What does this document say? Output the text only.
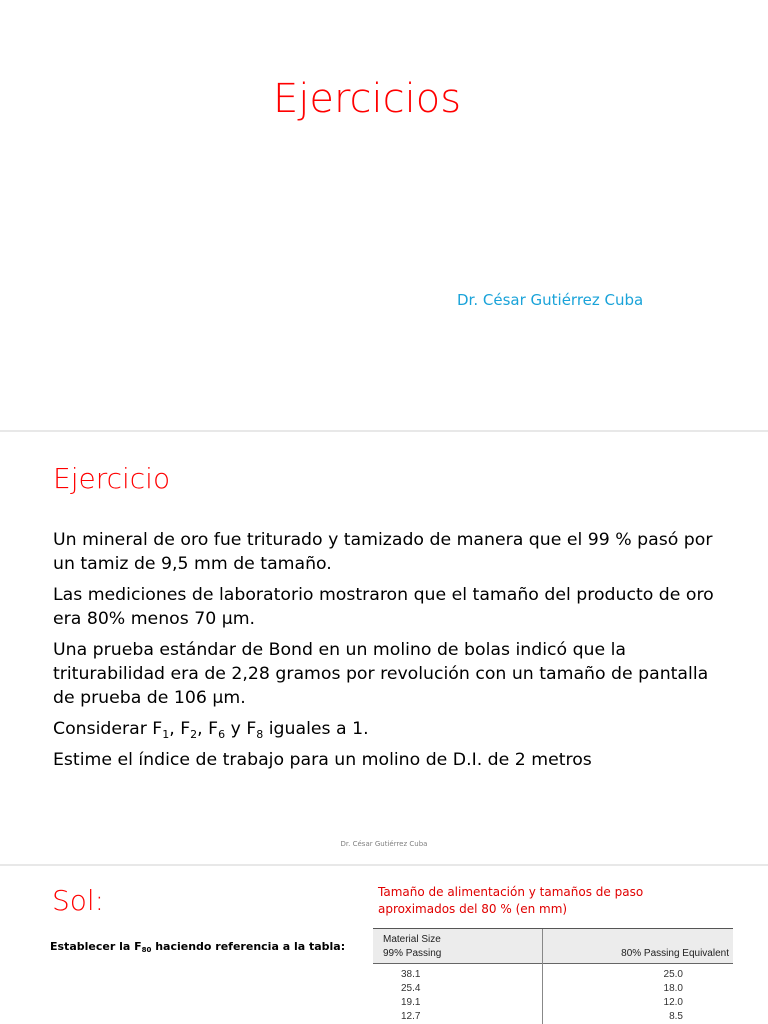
Ejercicios
Dr. César Gutiérrez Cuba
Ejercicio

Un mineral de oro fue triturado y tamizado de manera que el 99 % pasó por un tamiz de 9,5 mm de tamaño.

Las mediciones de laboratorio mostraron que el tamaño del producto de oro era 80% menos 70 µm.

Una prueba estándar de Bond en un molino de bolas indicó que la triturabilidad era de 2,28 gramos por revolución con un tamaño de pantalla de prueba de 106 µm.

Considerar $F_1$, $F_2$, $F_6$ y $F_8$ iguales a 1.

Estime el índice de trabajo para un molino de D.I. de 2 metros

Dr. César Gutiérrez Cuba
Sol:
Establecer la $F_{80}$ haciendo referencia a la tabla:
Tamaño de alimentación y tamaños de paso
aproximados del 80 % (en mm)
Material Size
99% Passing	80% Passing Equivalent
38.1	25.0
25.4	18.0
19.1	12.0
12.7	8.5
